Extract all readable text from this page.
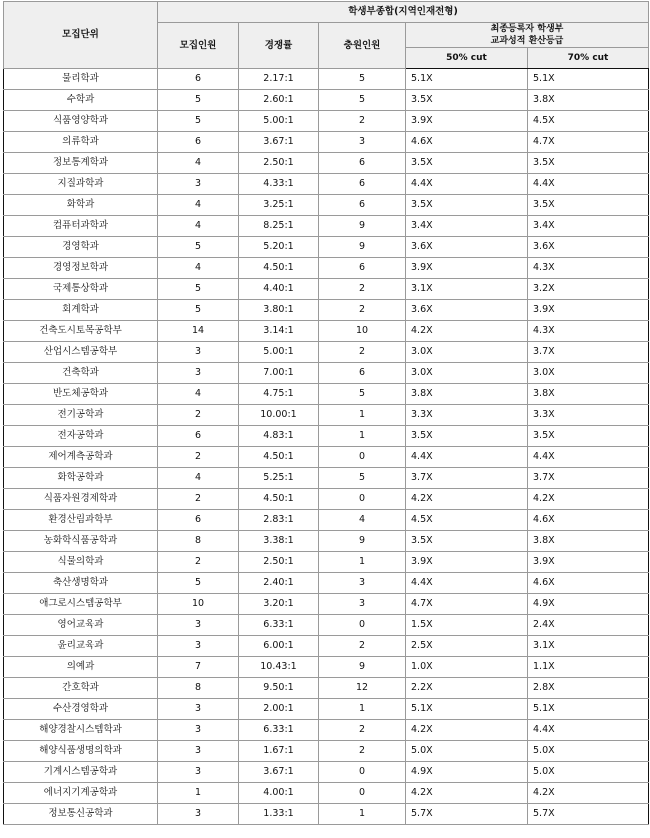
모집단위	학생부종합(지역인재전형)				
	모집인원	경쟁률	충원인원	최종등록자 학생부
교과성적 환산등급	

				50% cut	70% cut
물리학과	6	2.17:1	5	5.1X	5.1X
수학과	5	2.60:1	5	3.5X	3.8X
식품영양학과	5	5.00:1	2	3.9X	4.5X
의류학과	6	3.67:1	3	4.6X	4.7X
정보통계학과	4	2.50:1	6	3.5X	3.5X
지질과학과	3	4.33:1	6	4.4X	4.4X
화학과	4	3.25:1	6	3.5X	3.5X
컴퓨터과학과	4	8.25:1	9	3.4X	3.4X
경영학과	5	5.20:1	9	3.6X	3.6X
경영정보학과	4	4.50:1	6	3.9X	4.3X
국제통상학과	5	4.40:1	2	3.1X	3.2X
회계학과	5	3.80:1	2	3.6X	3.9X
건축도시토목공학부	14	3.14:1	10	4.2X	4.3X
산업시스템공학부	3	5.00:1	2	3.0X	3.7X
건축학과	3	7.00:1	6	3.0X	3.0X
반도체공학과	4	4.75:1	5	3.8X	3.8X
전기공학과	2	10.00:1	1	3.3X	3.3X
전자공학과	6	4.83:1	1	3.5X	3.5X
제어계측공학과	2	4.50:1	0	4.4X	4.4X
화학공학과	4	5.25:1	5	3.7X	3.7X
식품자원경제학과	2	4.50:1	0	4.2X	4.2X
환경산림과학부	6	2.83:1	4	4.5X	4.6X
농화학식품공학과	8	3.38:1	9	3.5X	3.8X
식물의학과	2	2.50:1	1	3.9X	3.9X
축산생명학과	5	2.40:1	3	4.4X	4.6X
애그로시스템공학부	10	3.20:1	3	4.7X	4.9X
영어교육과	3	6.33:1	0	1.5X	2.4X
윤리교육과	3	6.00:1	2	2.5X	3.1X
의예과	7	10.43:1	9	1.0X	1.1X
간호학과	8	9.50:1	12	2.2X	2.8X
수산경영학과	3	2.00:1	1	5.1X	5.1X
해양경찰시스템학과	3	6.33:1	2	4.2X	4.4X
해양식품생명의학과	3	1.67:1	2	5.0X	5.0X
기계시스템공학과	3	3.67:1	0	4.9X	5.0X
에너지기계공학과	1	4.00:1	0	4.2X	4.2X
정보통신공학과	3	1.33:1	1	5.7X	5.7X
